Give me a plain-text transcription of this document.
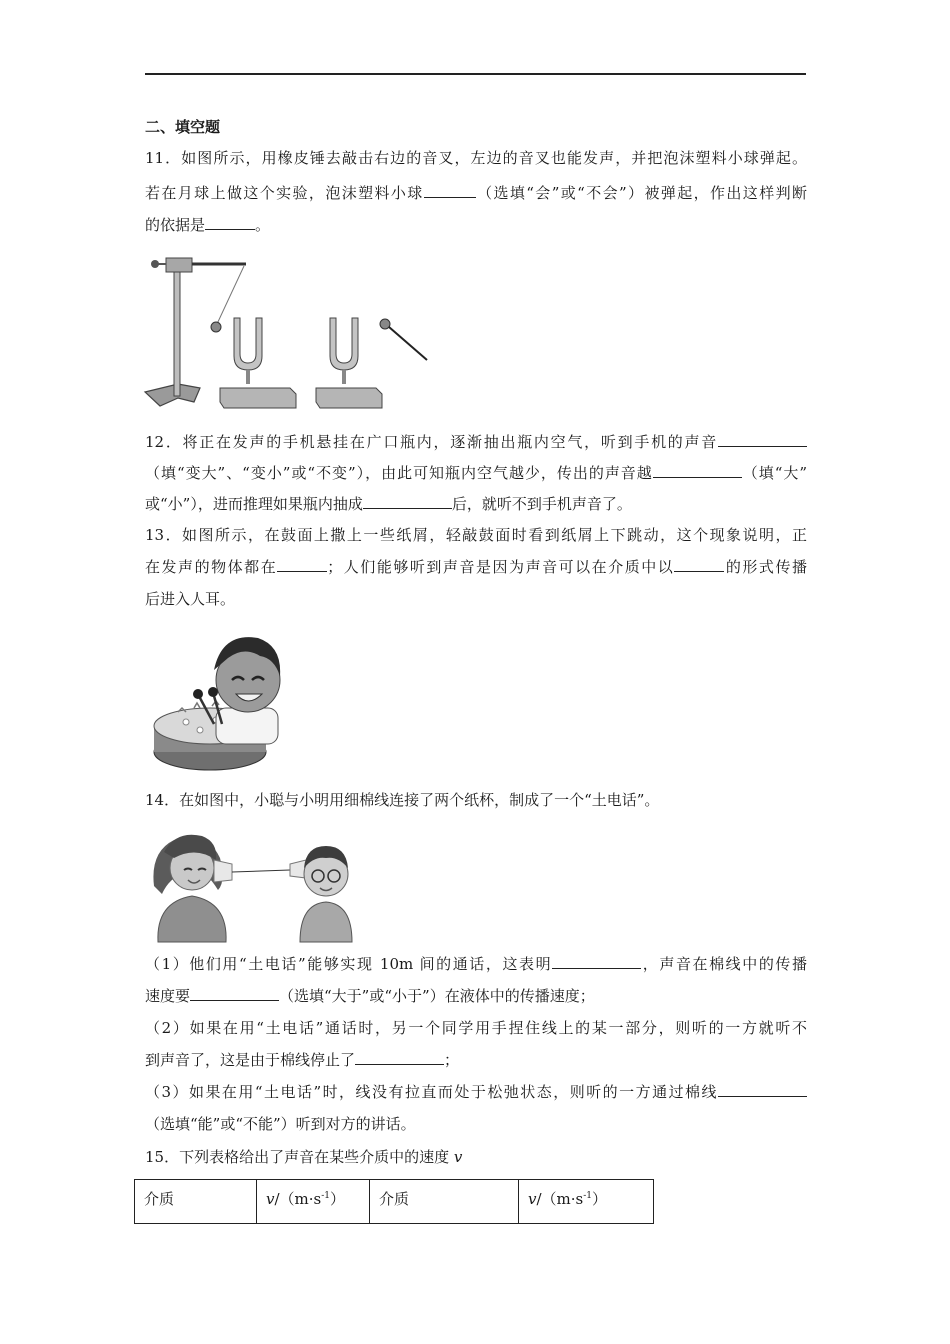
二、填空题
11．如图所示，用橡皮锤去敲击右边的音叉，左边的音叉也能发声，并把泡沫塑料小球弹起。
若在月球上做这个实验，泡沫塑料小球	（选填“会”或“不会”）被弹起，作出这样判断
的依据是	。
12．将正在发声的手机悬挂在广口瓶内，逐渐抽出瓶内空气，听到手机的声音
（填“变大”、“变小”或“不变”），由此可知瓶内空气越少，传出的声音越	（填“大”
或“小”），进而推理如果瓶内抽成	后，就听不到手机声音了。
13．如图所示，在鼓面上撒上一些纸屑，轻敲鼓面时看到纸屑上下跳动，这个现象说明，正
在发声的物体都在	；人们能够听到声音是因为声音可以在介质中以	的形式传播
后进入人耳。
14．在如图中，小聪与小明用细棉线连接了两个纸杯，制成了一个“土电话”。
（1）他们用“土电话”能够实现 10m 间的通话，这表明	，声音在棉线中的传播
速度要	（选填“大于”或“小于”）在液体中的传播速度；
（2）如果在用“土电话”通话时，另一个同学用手捏住线上的某一部分，则听的一方就听不
到声音了，这是由于棉线停止了	；
（3）如果在用“土电话”时，线没有拉直而处于松弛状态，则听的一方通过棉线
（选填“能”或“不能”）听到对方的讲话。
15．下列表格给出了声音在某些介质中的速度 v
介质	$v/(m\cdot s^{-1})$	介质	$v/(m\cdot s^{-1})$
